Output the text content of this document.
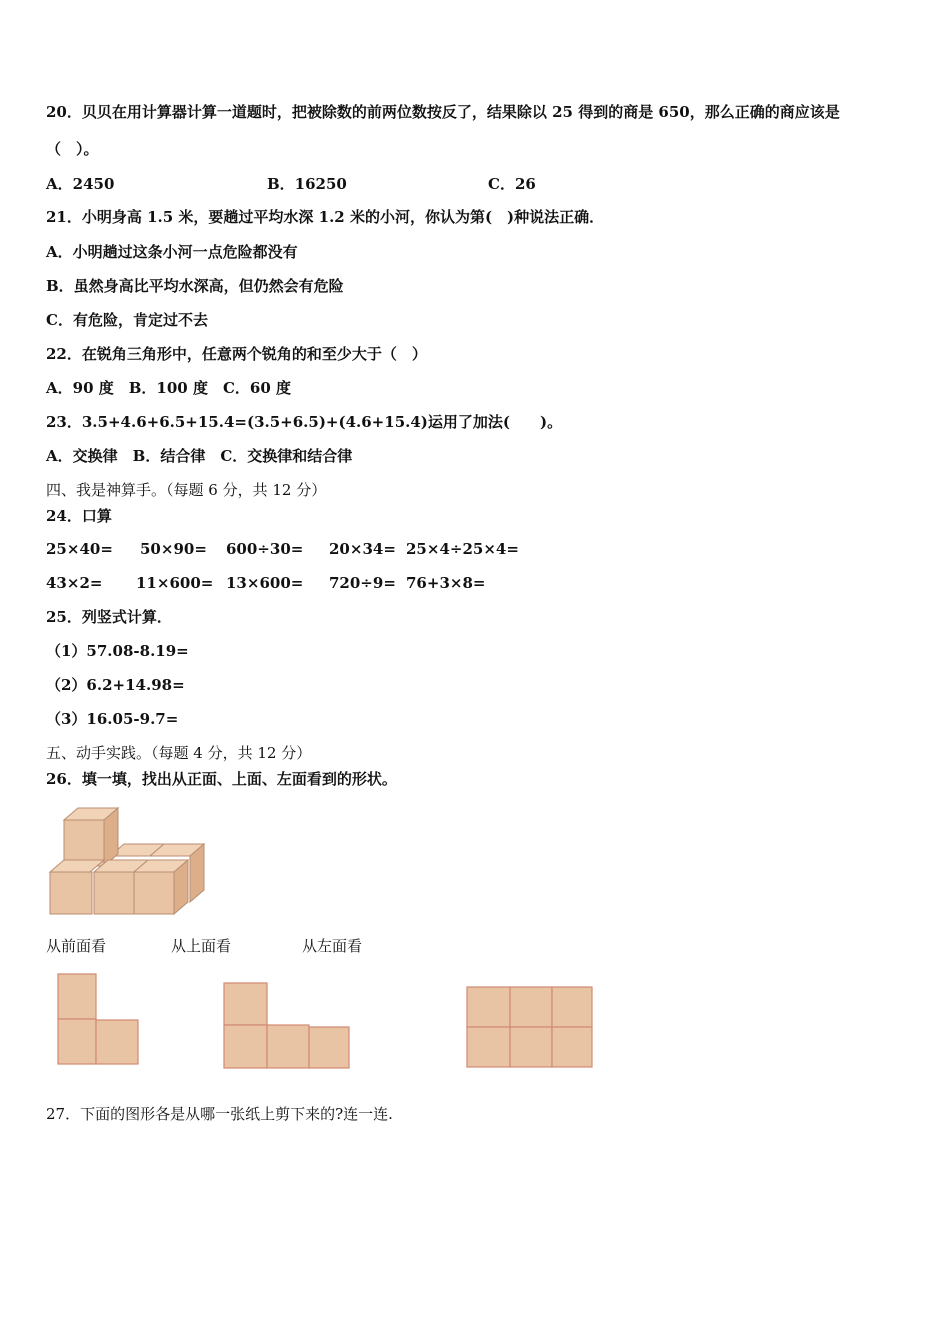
20．贝贝在用计算器计算一道题时，把被除数的前两位数按反了，结果除以 25 得到的商是 650，那么正确的商应该是
（　）。
A．2450	B．16250	C．26
21．小明身高 1.5 米，要趟过平均水深 1.2 米的小河，你认为第(　)种说法正确．
A．小明趟过这条小河一点危险都没有
B．虽然身高比平均水深高，但仍然会有危险
C．有危险，肯定过不去
22．在锐角三角形中，任意两个锐角的和至少大于（　）
A．90 度　B．100 度　C．60 度
23．3.5+4.6+6.5+15.4=(3.5+6.5)+(4.6+15.4)运用了加法(　　)。
A．交换律　B．结合律　C．交换律和结合律
四、我是神算手。（每题 6 分，共 12 分）
24．口算
25×40= 50×90= 600÷30= 20×34= 25×4÷25×4=
43×2= 11×600= 13×600= 720÷9= 76+3×8=
25．列竖式计算．
（1）57.08-8.19=
（2）6.2+14.98=
（3）16.05-9.7=
五、动手实践。（每题 4 分，共 12 分）
26．填一填，找出从正面、上面、左面看到的形状。
从前面看	从上面看	从左面看
27．下面的图形各是从哪一张纸上剪下来的?连一连.
